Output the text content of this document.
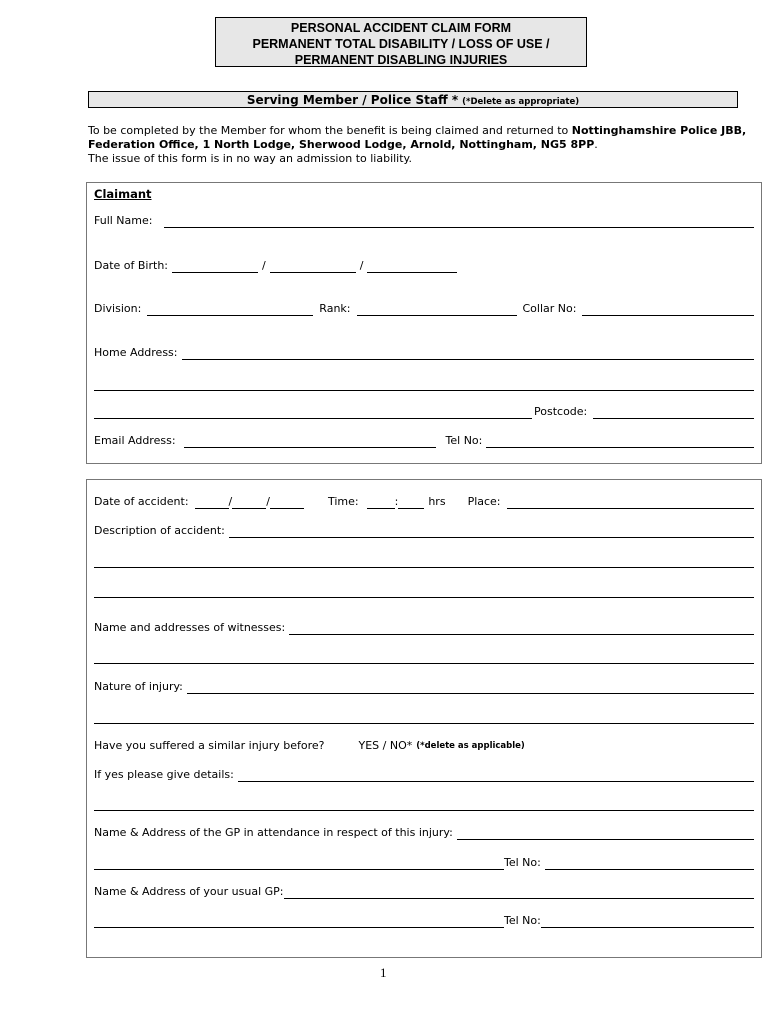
PERSONAL ACCIDENT CLAIM FORM
PERMANENT TOTAL DISABILITY / LOSS OF USE /
PERMANENT DISABLING INJURIES
Serving Member / Police Staff * (*Delete as appropriate)
To be completed by the Member for whom the benefit is being claimed and returned to Nottinghamshire Police JBB, Federation Office, 1 North Lodge, Sherwood Lodge, Arnold, Nottingham, NG5 8PP.
The issue of this form is in no way an admission to liability.
Claimant
Full Name:
Date of Birth:	/	/
Division:	Rank:	Collar No:
Home Address:
Postcode:
Email Address:	Tel No:
Date of accident:	/	/	Time:	:	hrs Place:
Description of accident:
Name and addresses of witnesses:
Nature of injury:
Have you suffered a similar injury before?	YES / NO* (*delete as applicable)
If yes please give details:
Name & Address of the GP in attendance in respect of this injury:
Tel No:
Name & Address of your usual GP:
Tel No:
1
